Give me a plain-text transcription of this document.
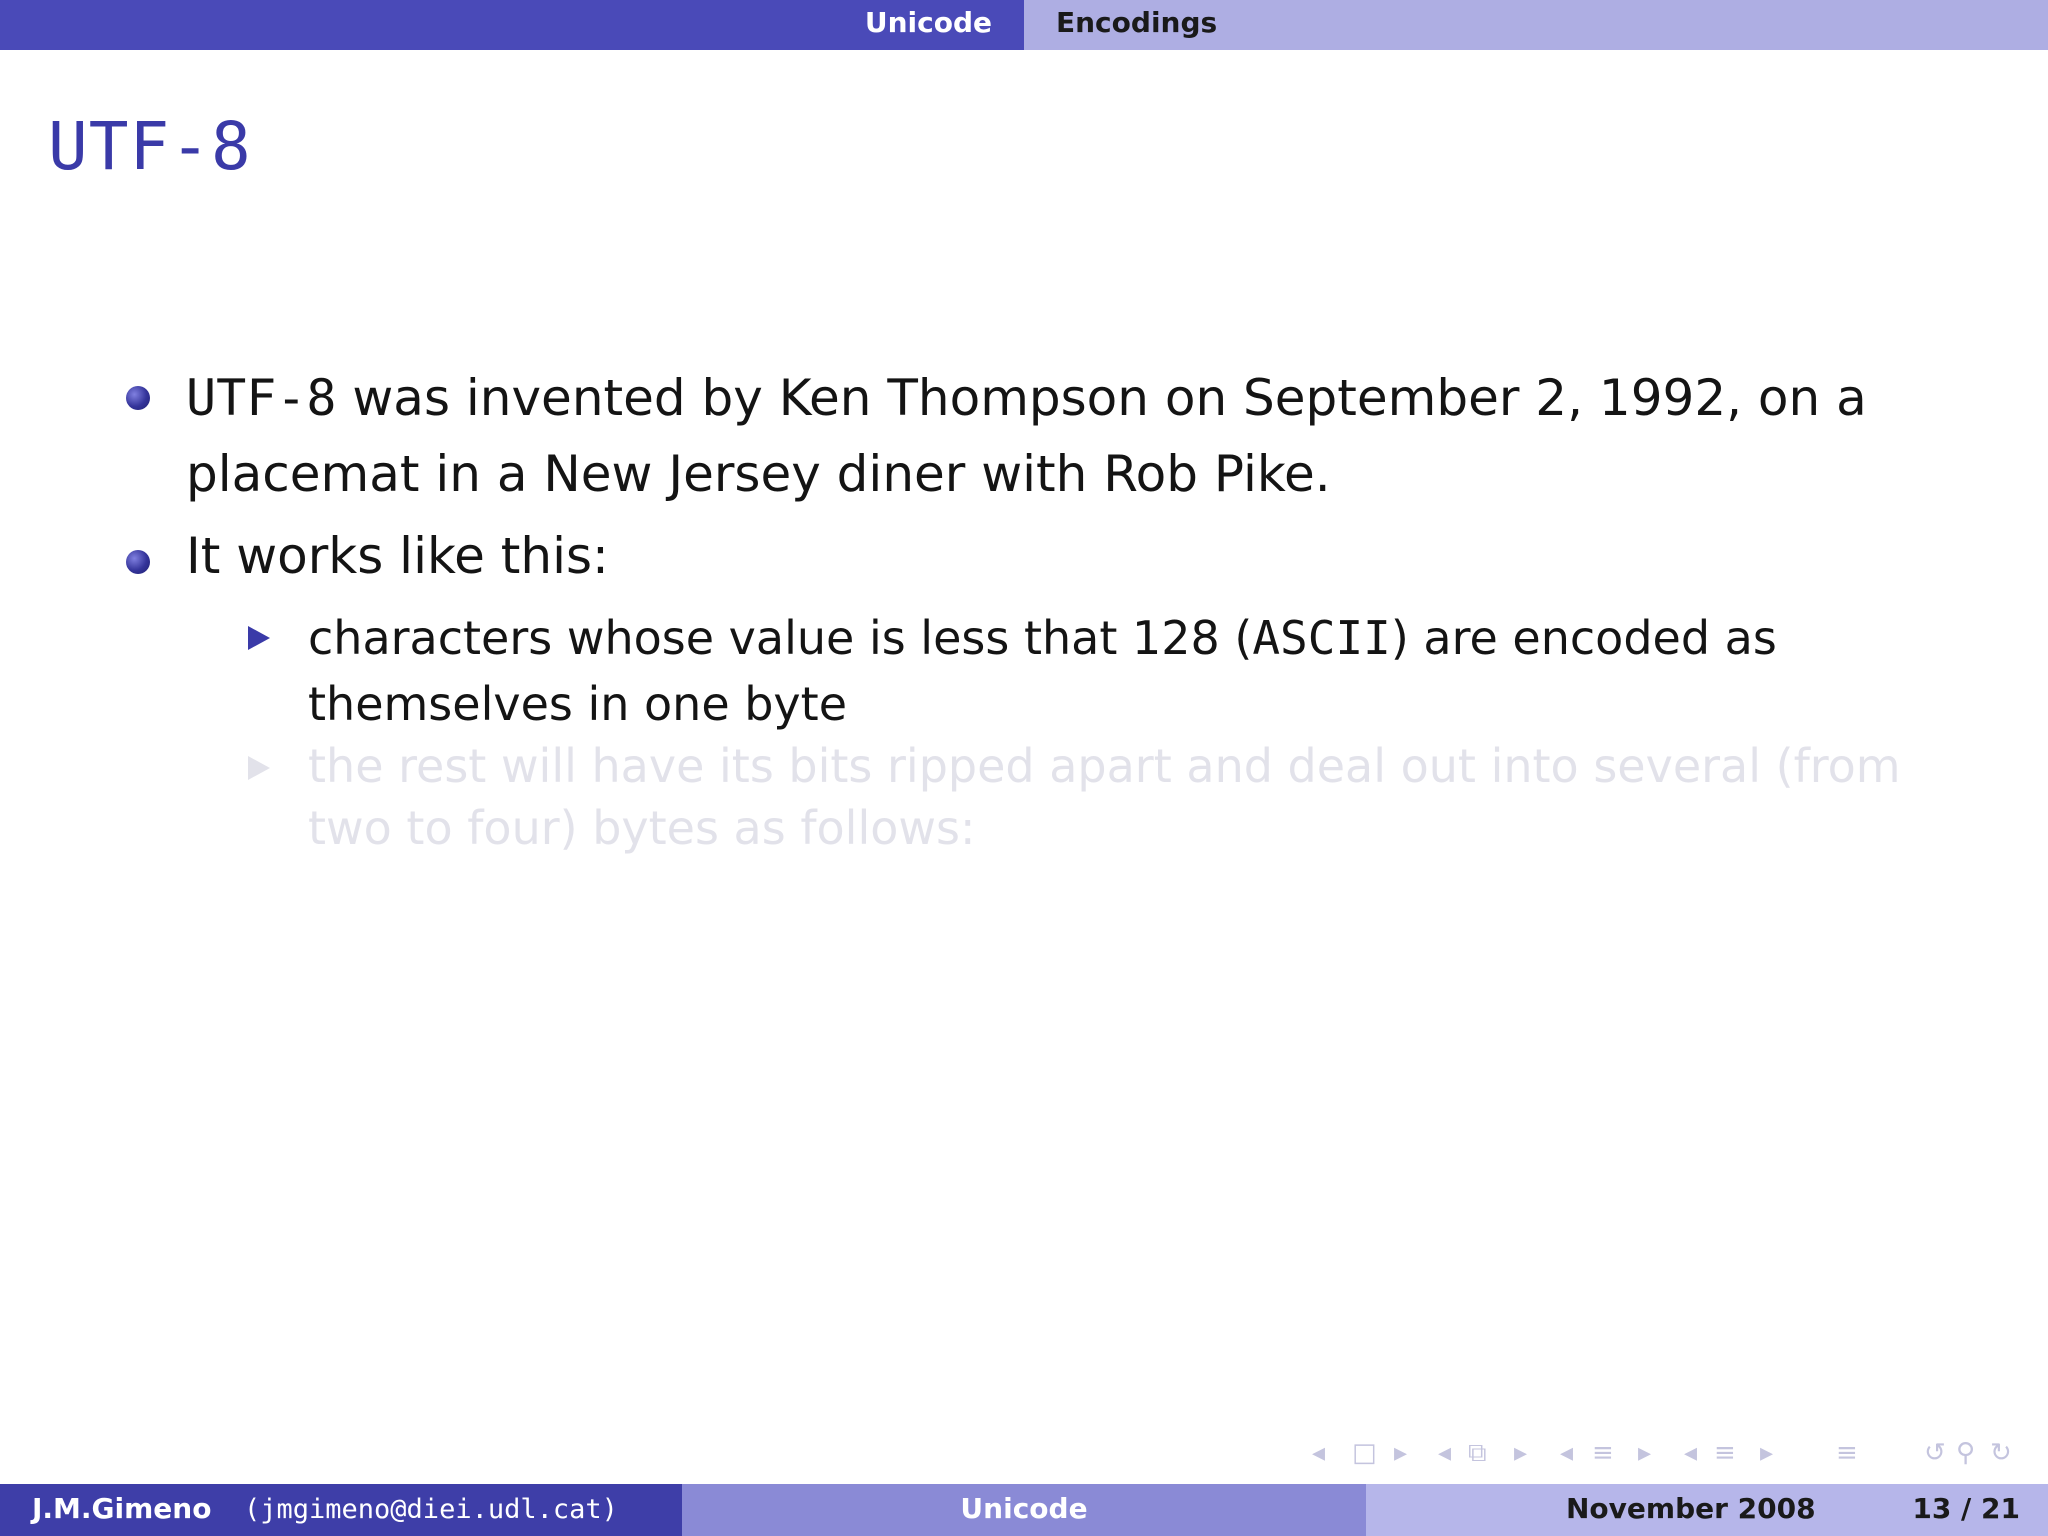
Unicode Encodings
UTF-8
UTF-8 was invented by Ken Thompson on September 2, 1992, on a
placemat in a New Jersey diner with Rob Pike.
It works like this:
characters whose value is less that 128 (ASCII) are encoded as
themselves in one byte
the rest will have its bits ripped apart and deal out into several (from
two to four) bytes as follows:
◂ □ ▸ ◂ ⧉ ▸ ◂ ≡ ▸ ◂ ≡ ▸ ≡	↺ ⚲ ↻
J.M.Gimeno (jmgimeno@diei.udl.cat)	Unicode	November 2008	13 / 21
